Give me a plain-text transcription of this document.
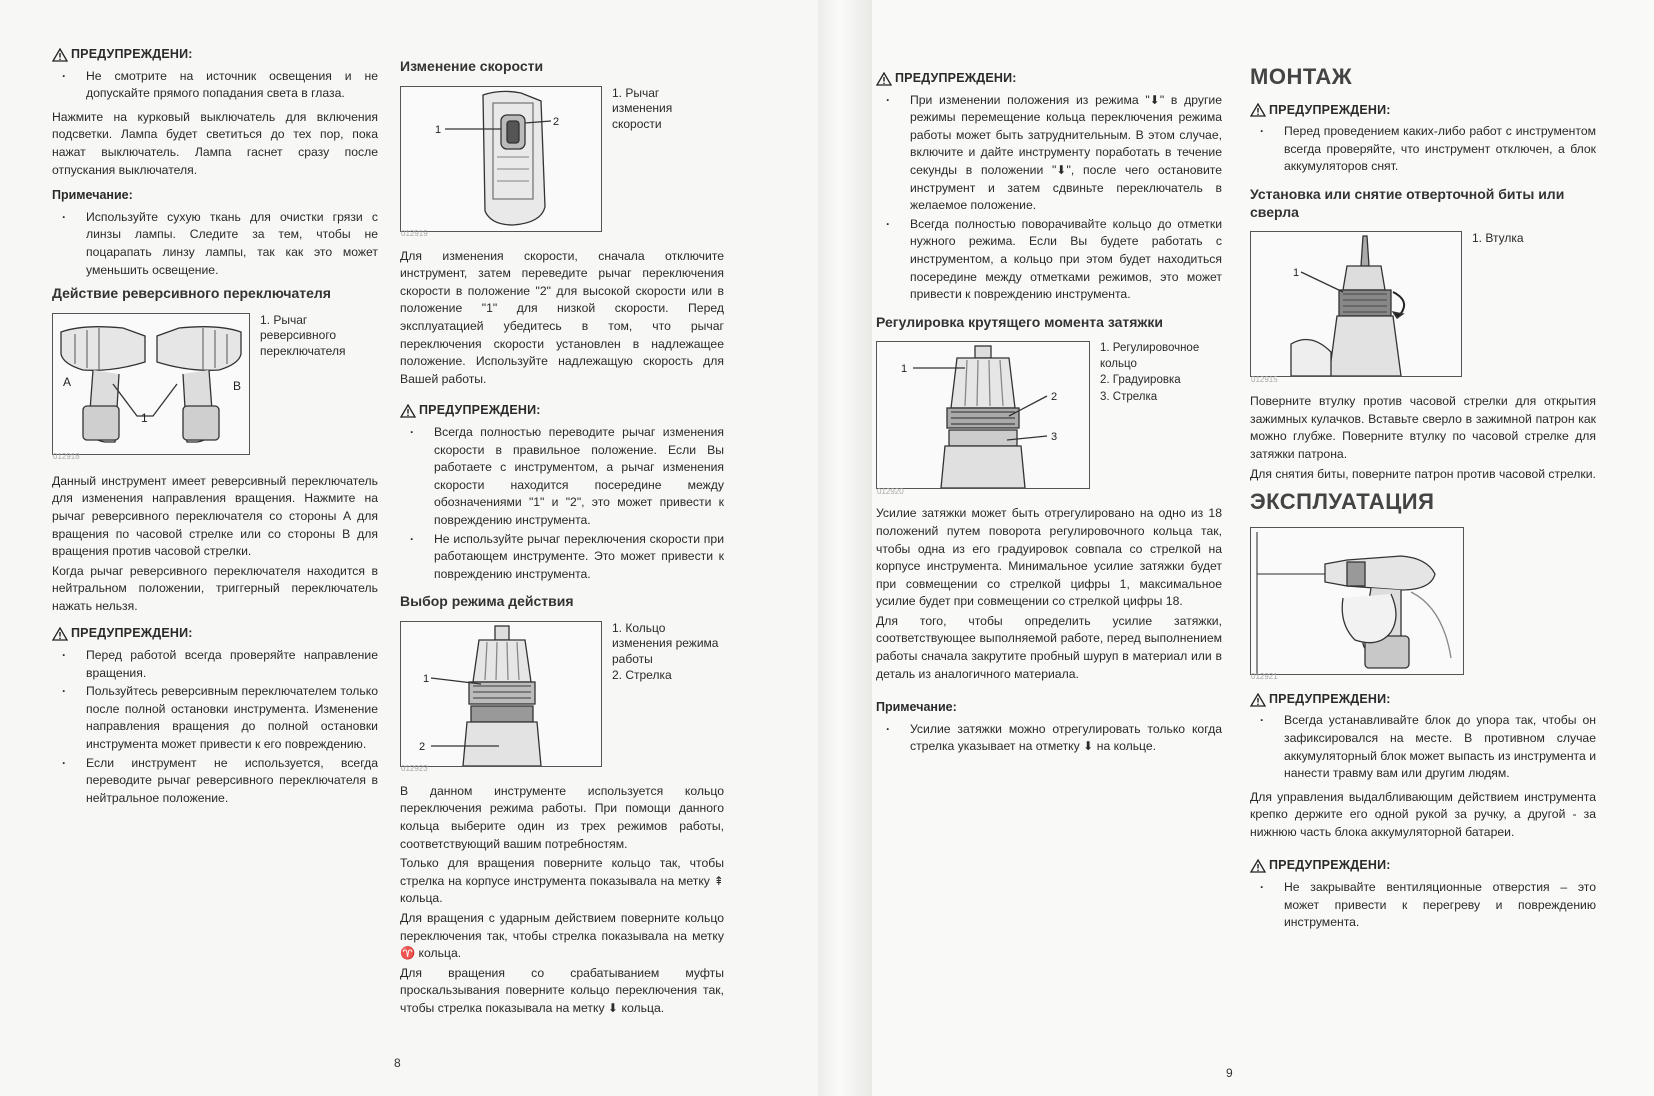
ПРЕДУПРЕЖДЕНИ:
· Не смотрите на источник освещения и не допускайте прямого попадания света в глаза.

Нажмите на курковый выключатель для включения подсветки. Лампа будет светиться до тех пор, пока нажат выключатель. Лампа гаснет сразу после отпускания выключателя.

Примечание:
· Используйте сухую ткань для очистки грязи с линзы лампы. Следите за тем, чтобы не поцарапать линзу лампы, так как это может уменьшить освещение.
Действие реверсивного переключателя
A	B
1
012918
1. Рычаг реверсивного переключателя

Данный инструмент имеет реверсивный переключатель для изменения направления вращения. Нажмите на рычаг реверсивного переключателя со стороны A для вращения по часовой стрелке или со стороны B для вращения против часовой стрелки.

Когда рычаг реверсивного переключателя находится в нейтральном положении, триггерный переключатель нажать нельзя.

ПРЕДУПРЕЖДЕНИ:
· Перед работой всегда проверяйте направление вращения.
· Пользуйтесь реверсивным переключателем только после полной остановки инструмента. Изменение направления вращения до полной остановки инструмента может привести к его повреждению.
· Если инструмент не используется, всегда переводите рычаг реверсивного переключателя в нейтральное положение.
Изменение скорости
1
2
012919
1. Рычаг изменения скорости

Для изменения скорости, сначала отключите инструмент, затем переведите рычаг переключения скорости в положение "2" для высокой скорости или в положение "1" для низкой скорости. Перед эксплуатацией убедитесь в том, что рычаг переключения скорости установлен в надлежащее положение. Используйте надлежащую скорость для Вашей работы.

ПРЕДУПРЕЖДЕНИ:
· Всегда полностью переводите рычаг изменения скорости в правильное положение. Если Вы работаете с инструментом, а рычаг изменения скорости находится посередине между обозначениями "1" и "2", это может привести к повреждению инструмента.
· Не используйте рычаг переключения скорости при работающем инструменте. Это может привести к повреждению инструмента.
Выбор режима действия
1
2
012923
1. Кольцо изменения режима работы
2. Стрелка

В данном инструменте используется кольцо переключения режима работы. При помощи данного кольца выберите один из трех режимов работы, соответствующий вашим потребностям.

Только для вращения поверните кольцо так, чтобы стрелка на корпусе инструмента показывала на метку ⇞ кольца.

Для вращения с ударным действием поверните кольцо переключения так, чтобы стрелка показывала на метку ♈ кольца.

Для вращения со срабатыванием муфты проскальзывания поверните кольцо переключения так, чтобы стрелка показывала на метку ⬇ кольца.

8
ПРЕДУПРЕЖДЕНИ:
· При изменении положения из режима "⬇" в другие режимы перемещение кольца переключения режима работы может быть затруднительным. В этом случае, включите и дайте инструменту поработать в течение секунды в положении "⬇", после чего остановите инструмент и затем сдвиньте переключатель в желаемое положение.
· Всегда полностью поворачивайте кольцо до отметки нужного режима. Если Вы будете работать с инструментом, а кольцо при этом будет находиться посередине между отметками режимов, это может привести к повреждению инструмента.
Регулировка крутящего момента затяжки
1
2
3
012920
1. Регулировочное кольцо
2. Градуировка
3. Стрелка

Усилие затяжки может быть отрегулировано на одно из 18 положений путем поворота регулировочного кольца так, чтобы одна из его градуировок совпала со стрелкой на корпусе инструмента. Минимальное усилие затяжки будет при совмещении со стрелкой цифры 1, максимальное усилие будет при совмещении со стрелкой цифры 18.

Для того, чтобы определить усилие затяжки, соответствующее выполняемой работе, перед выполнением работы сначала закрутите пробный шуруп в материал или в деталь из аналогичного материала.

Примечание:
· Усилие затяжки можно отрегулировать только когда стрелка указывает на отметку ⬇ на кольце.
МОНТАЖ
ПРЕДУПРЕЖДЕНИ:
· Перед проведением каких-либо работ с инструментом всегда проверяйте, что инструмент отключен, а блок аккумуляторов снят.
Установка или снятие отверточной биты или сверла
1
012915
1. Втулка

Поверните втулку против часовой стрелки для открытия зажимных кулачков. Вставьте сверло в зажимной патрон как можно глубже. Поверните втулку по часовой стрелке для затяжки патрона.

Для снятия биты, поверните патрон против часовой стрелки.

ЭКСПЛУАТАЦИЯ
012921
ПРЕДУПРЕЖДЕНИ:
· Всегда устанавливайте блок до упора так, чтобы он зафиксировался на месте. В противном случае аккумуляторный блок может выпасть из инструмента и нанести травму вам или другим людям.

Для управления выдалбливающим действием инструмента крепко держите его одной рукой за ручку, а другой - за нижнюю часть блока аккумуляторной батареи.

ПРЕДУПРЕЖДЕНИ:
· Не закрывайте вентиляционные отверстия – это может привести к перегреву и повреждению инструмента.
9
